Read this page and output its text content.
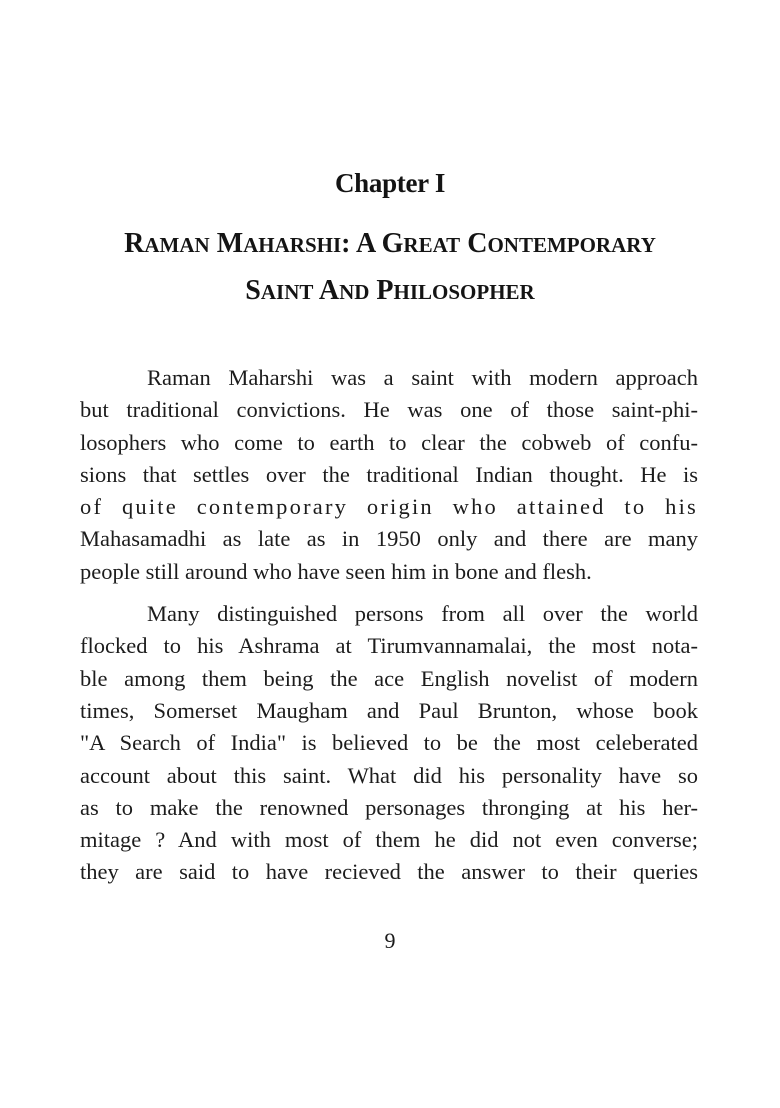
Chapter I
RAMAN MAHARSHI: A GREAT CONTEMPORARY
SAINT AND PHILOSOPHER
Raman Maharshi was a saint with modern approach
but traditional convictions. He was one of those saint-phi-
losophers who come to earth to clear the cobweb of confu-
sions that settles over the traditional Indian thought. He is
of quite contemporary origin who attained to his
Mahasamadhi as late as in 1950 only and there are many
people still around who have seen him in bone and flesh.
Many distinguished persons from all over the world
flocked to his Ashrama at Tirumvannamalai, the most nota-
ble among them being the ace English novelist of modern
times, Somerset Maugham and Paul Brunton, whose book
"A Search of India" is believed to be the most celeberated
account about this saint. What did his personality have so
as to make the renowned personages thronging at his her-
mitage ? And with most of them he did not even converse;
they are said to have recieved the answer to their queries
9
